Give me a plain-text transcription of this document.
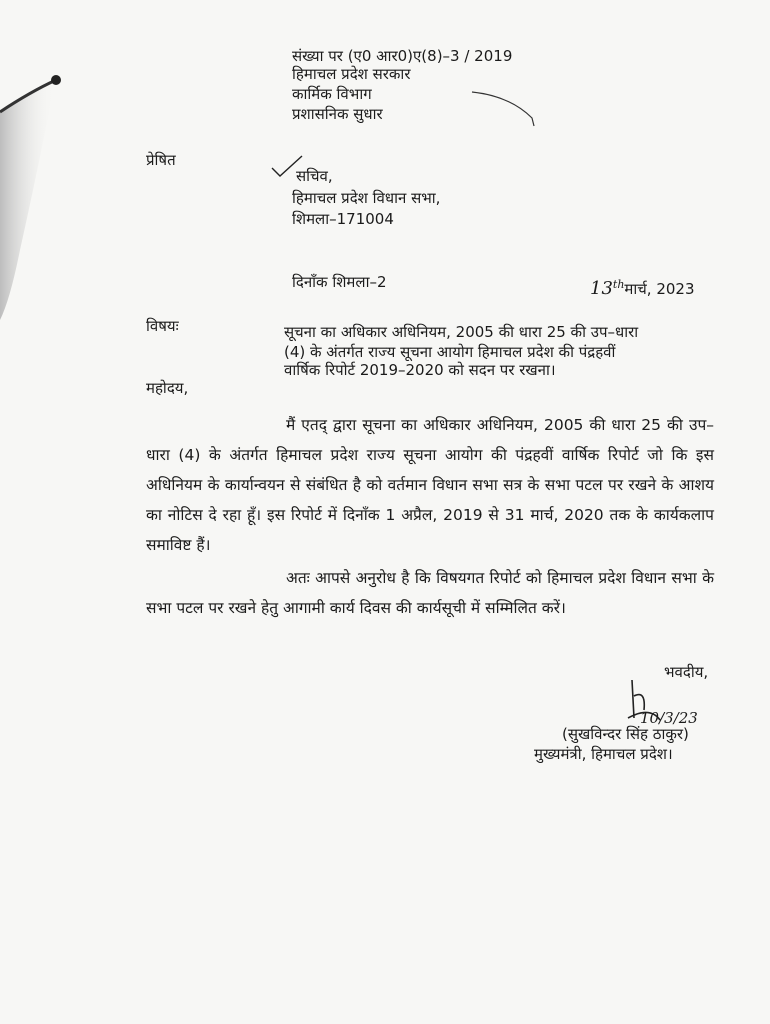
संख्या पर (ए0 आर0)ए(8)–3 / 2019
हिमाचल प्रदेश सरकार
कार्मिक विभाग
प्रशासनिक सुधार
प्रेषित
सचिव,
हिमाचल प्रदेश विधान सभा,
शिमला–171004
दिनाँक शिमला–2	13thमार्च, 2023
विषयः	सूचना का अधिकार अधिनियम, 2005 की धारा 25 की उप–धारा
(4) के अंतर्गत राज्य सूचना आयोग हिमाचल प्रदेश की पंद्रहवीं
वार्षिक रिपोर्ट 2019–2020 को सदन पर रखना।
महोदय,
मैं एतद् द्वारा सूचना का अधिकार अधिनियम, 2005 की धारा 25 की उप–धारा (4) के अंतर्गत हिमाचल प्रदेश राज्य सूचना आयोग की पंद्रहवीं वार्षिक रिपोर्ट जो कि इस अधिनियम के कार्यान्वयन से संबंधित है को वर्तमान विधान सभा सत्र के सभा पटल पर रखने के आशय का नोटिस दे रहा हूँ। इस रिपोर्ट में दिनाँक 1 अप्रैल, 2019 से 31 मार्च, 2020 तक के कार्यकलाप समाविष्ट हैं।
अतः आपसे अनुरोध है कि विषयगत रिपोर्ट को हिमाचल प्रदेश विधान सभा के सभा पटल पर रखने हेतु आगामी कार्य दिवस की कार्यसूची में सम्मिलित करें।
भवदीय,
10/3/23
(सुखविन्दर सिंह ठाकुर)
मुख्यमंत्री, हिमाचल प्रदेश।
